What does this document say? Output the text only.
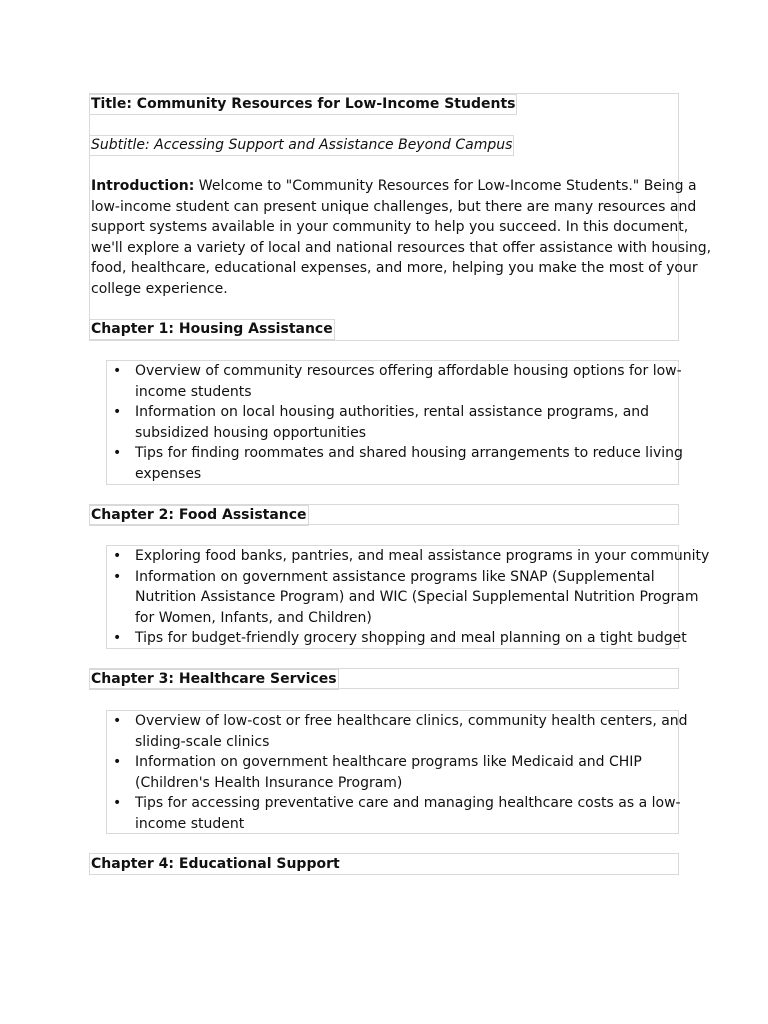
Title: Community Resources for Low-Income Students
Subtitle: Accessing Support and Assistance Beyond Campus
Introduction: Welcome to "Community Resources for Low-Income Students." Being a
low-income student can present unique challenges, but there are many resources and
support systems available in your community to help you succeed. In this document,
we'll explore a variety of local and national resources that offer assistance with housing,
food, healthcare, educational expenses, and more, helping you make the most of your
college experience.
Chapter 1: Housing Assistance
• Overview of community resources offering affordable housing options for low-
income students
• Information on local housing authorities, rental assistance programs, and
subsidized housing opportunities
• Tips for finding roommates and shared housing arrangements to reduce living
expenses
Chapter 2: Food Assistance
• Exploring food banks, pantries, and meal assistance programs in your community
• Information on government assistance programs like SNAP (Supplemental
Nutrition Assistance Program) and WIC (Special Supplemental Nutrition Program
for Women, Infants, and Children)
• Tips for budget-friendly grocery shopping and meal planning on a tight budget
Chapter 3: Healthcare Services
• Overview of low-cost or free healthcare clinics, community health centers, and
sliding-scale clinics
• Information on government healthcare programs like Medicaid and CHIP
(Children's Health Insurance Program)
• Tips for accessing preventative care and managing healthcare costs as a low-
income student
Chapter 4: Educational Support
